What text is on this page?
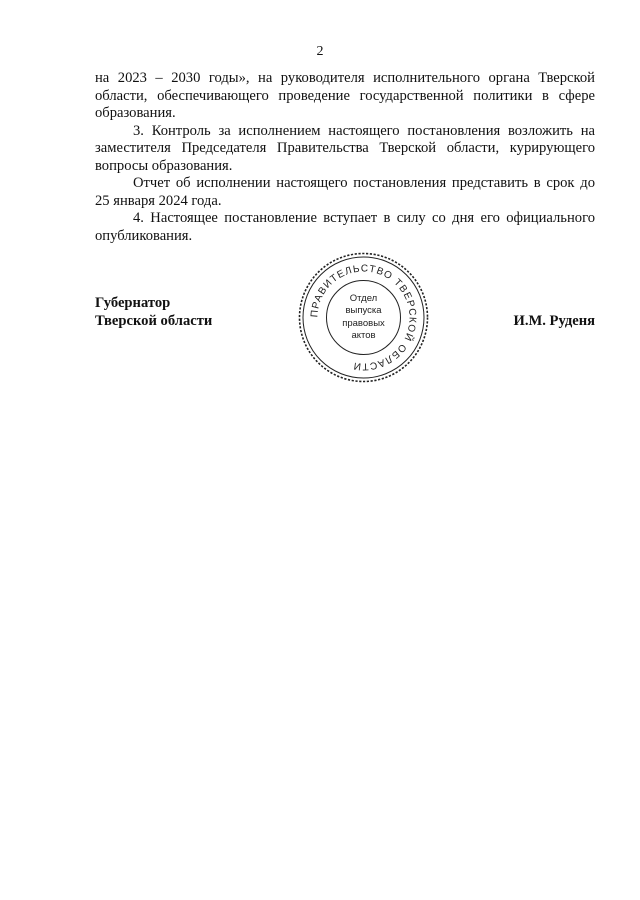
2

на 2023 – 2030 годы», на руководителя исполнительного органа Тверской области, обеспечивающего проведение государственной политики в сфере образования.

3. Контроль за исполнением настоящего постановления возложить на заместителя Председателя Правительства Тверской области, курирующего вопросы образования.

Отчет об исполнении настоящего постановления представить в срок до 25 января 2024 года.

4. Настоящее постановление вступает в силу со дня его официального опубликования.

Губернатор
Тверской области	ПРАВИТЕЛЬСТВО ТВЕРСКОЙ ОБЛАСТИ
Отдел
выпуска
правовых
актов
И.М. Руденя
